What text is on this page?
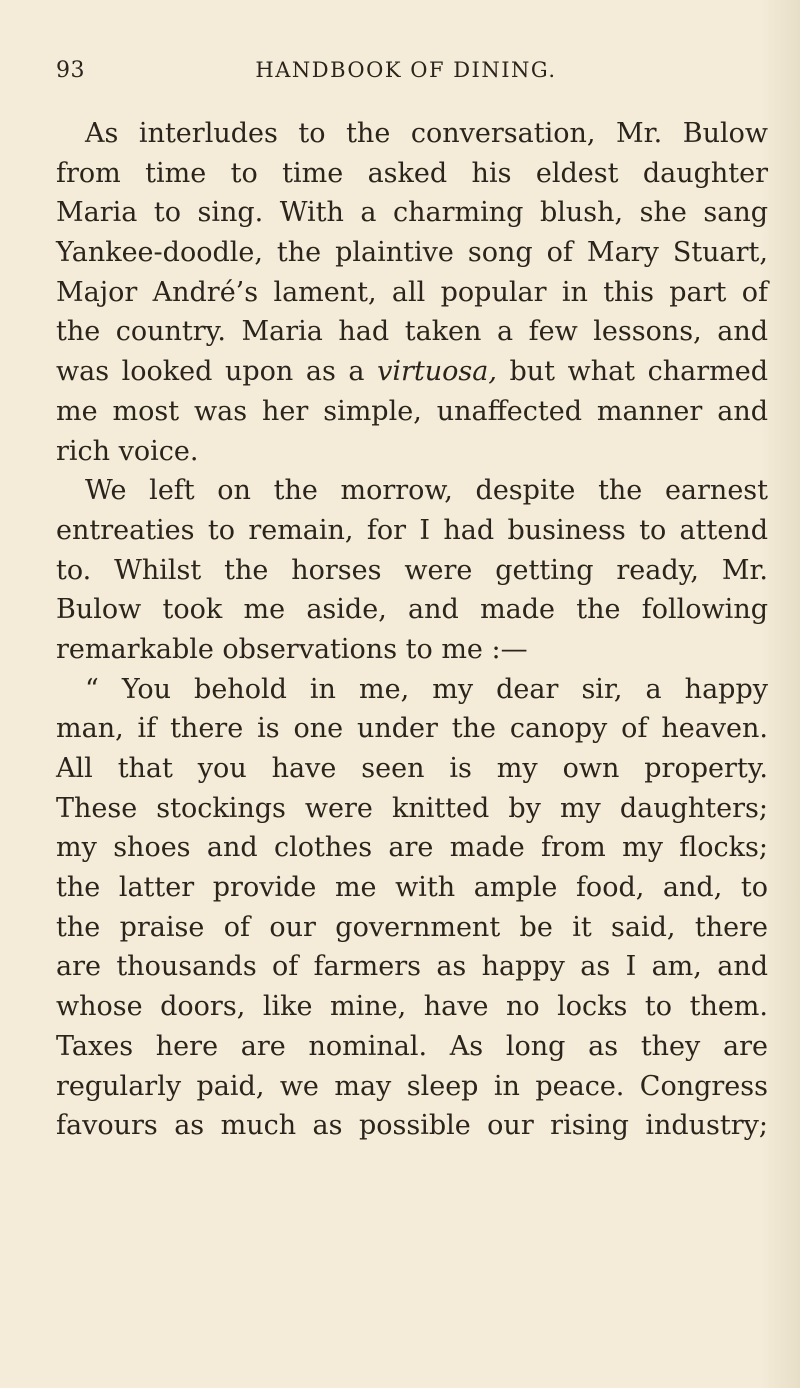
93	HANDBOOK OF DINING.
As interludes to the conversation, Mr. Bulow
from time to time asked his eldest daughter
Maria to sing. With a charming blush, she sang
Yankee-doodle, the plaintive song of Mary Stuart,
Major André’s lament, all popular in this part of
the country. Maria had taken a few lessons, and
was looked upon as a virtuosa, but what charmed
me most was her simple, unaffected manner and
rich voice.
We left on the morrow, despite the earnest
entreaties to remain, for I had business to attend
to. Whilst the horses were getting ready, Mr.
Bulow took me aside, and made the following
remarkable observations to me :—
“ You behold in me, my dear sir, a happy
man, if there is one under the canopy of heaven.
All that you have seen is my own property.
These stockings were knitted by my daughters;
my shoes and clothes are made from my flocks;
the latter provide me with ample food, and, to
the praise of our government be it said, there
are thousands of farmers as happy as I am, and
whose doors, like mine, have no locks to them.
Taxes here are nominal. As long as they are
regularly paid, we may sleep in peace. Congress
favours as much as possible our rising industry;
